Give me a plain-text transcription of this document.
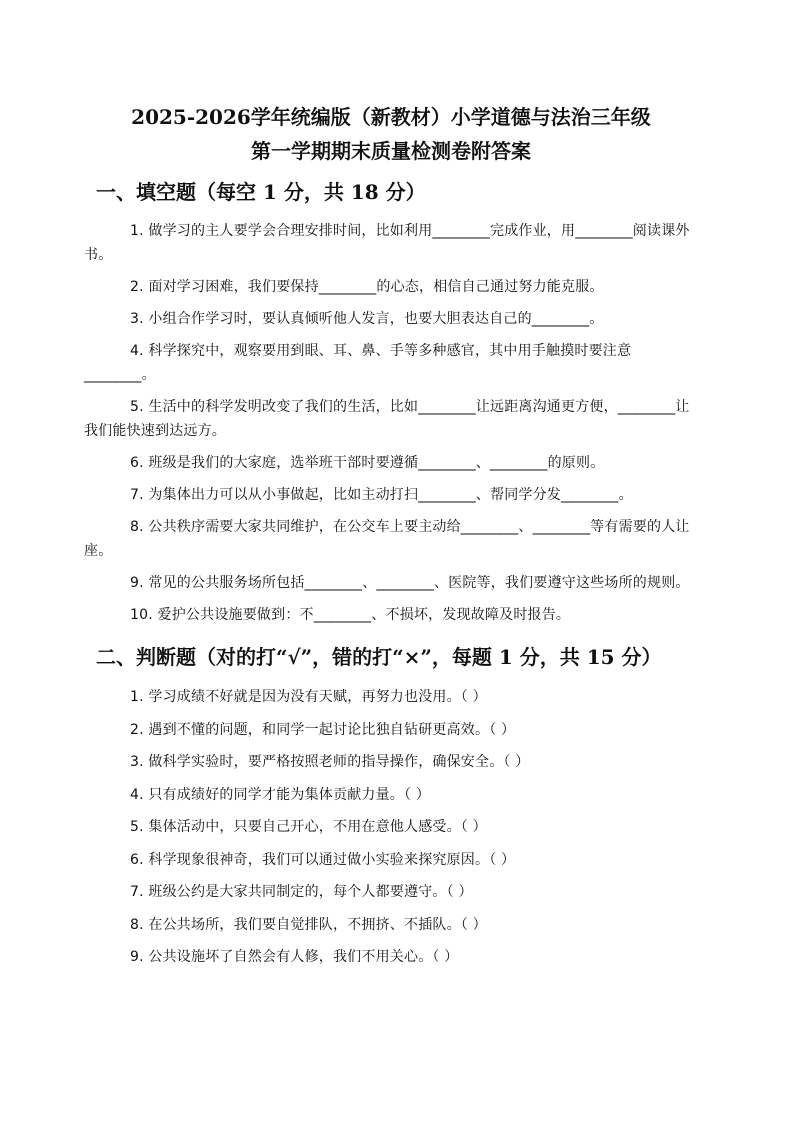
2025-2026学年统编版（新教材）小学道德与法治三年级
第一学期期末质量检测卷附答案
一、填空题（每空 1 分，共 18 分）

1. 做学习的主人要学会合理安排时间，比如利用________完成作业，用________阅读课外书。

2. 面对学习困难，我们要保持________的心态，相信自己通过努力能克服。

3. 小组合作学习时，要认真倾听他人发言，也要大胆表达自己的________。

4. 科学探究中，观察要用到眼、耳、鼻、手等多种感官，其中用手触摸时要注意________。

5. 生活中的科学发明改变了我们的生活，比如________让远距离沟通更方便，________让我们能快速到达远方。

6. 班级是我们的大家庭，选举班干部时要遵循________、________的原则。

7. 为集体出力可以从小事做起，比如主动打扫________、帮同学分发________。

8. 公共秩序需要大家共同维护，在公交车上要主动给________、________等有需要的人让座。

9. 常见的公共服务场所包括________、________、医院等，我们要遵守这些场所的规则。

10. 爱护公共设施要做到：不________、不损坏，发现故障及时报告。

二、判断题（对的打“√”，错的打“×”，每题 1 分，共 15 分）

1. 学习成绩不好就是因为没有天赋，再努力也没用。（ ）

2. 遇到不懂的问题，和同学一起讨论比独自钻研更高效。（ ）

3. 做科学实验时，要严格按照老师的指导操作，确保安全。（ ）

4. 只有成绩好的同学才能为集体贡献力量。（ ）

5. 集体活动中，只要自己开心，不用在意他人感受。（ ）

6. 科学现象很神奇，我们可以通过做小实验来探究原因。（ ）

7. 班级公约是大家共同制定的，每个人都要遵守。（ ）

8. 在公共场所，我们要自觉排队，不拥挤、不插队。（ ）

9. 公共设施坏了自然会有人修，我们不用关心。（ ）
